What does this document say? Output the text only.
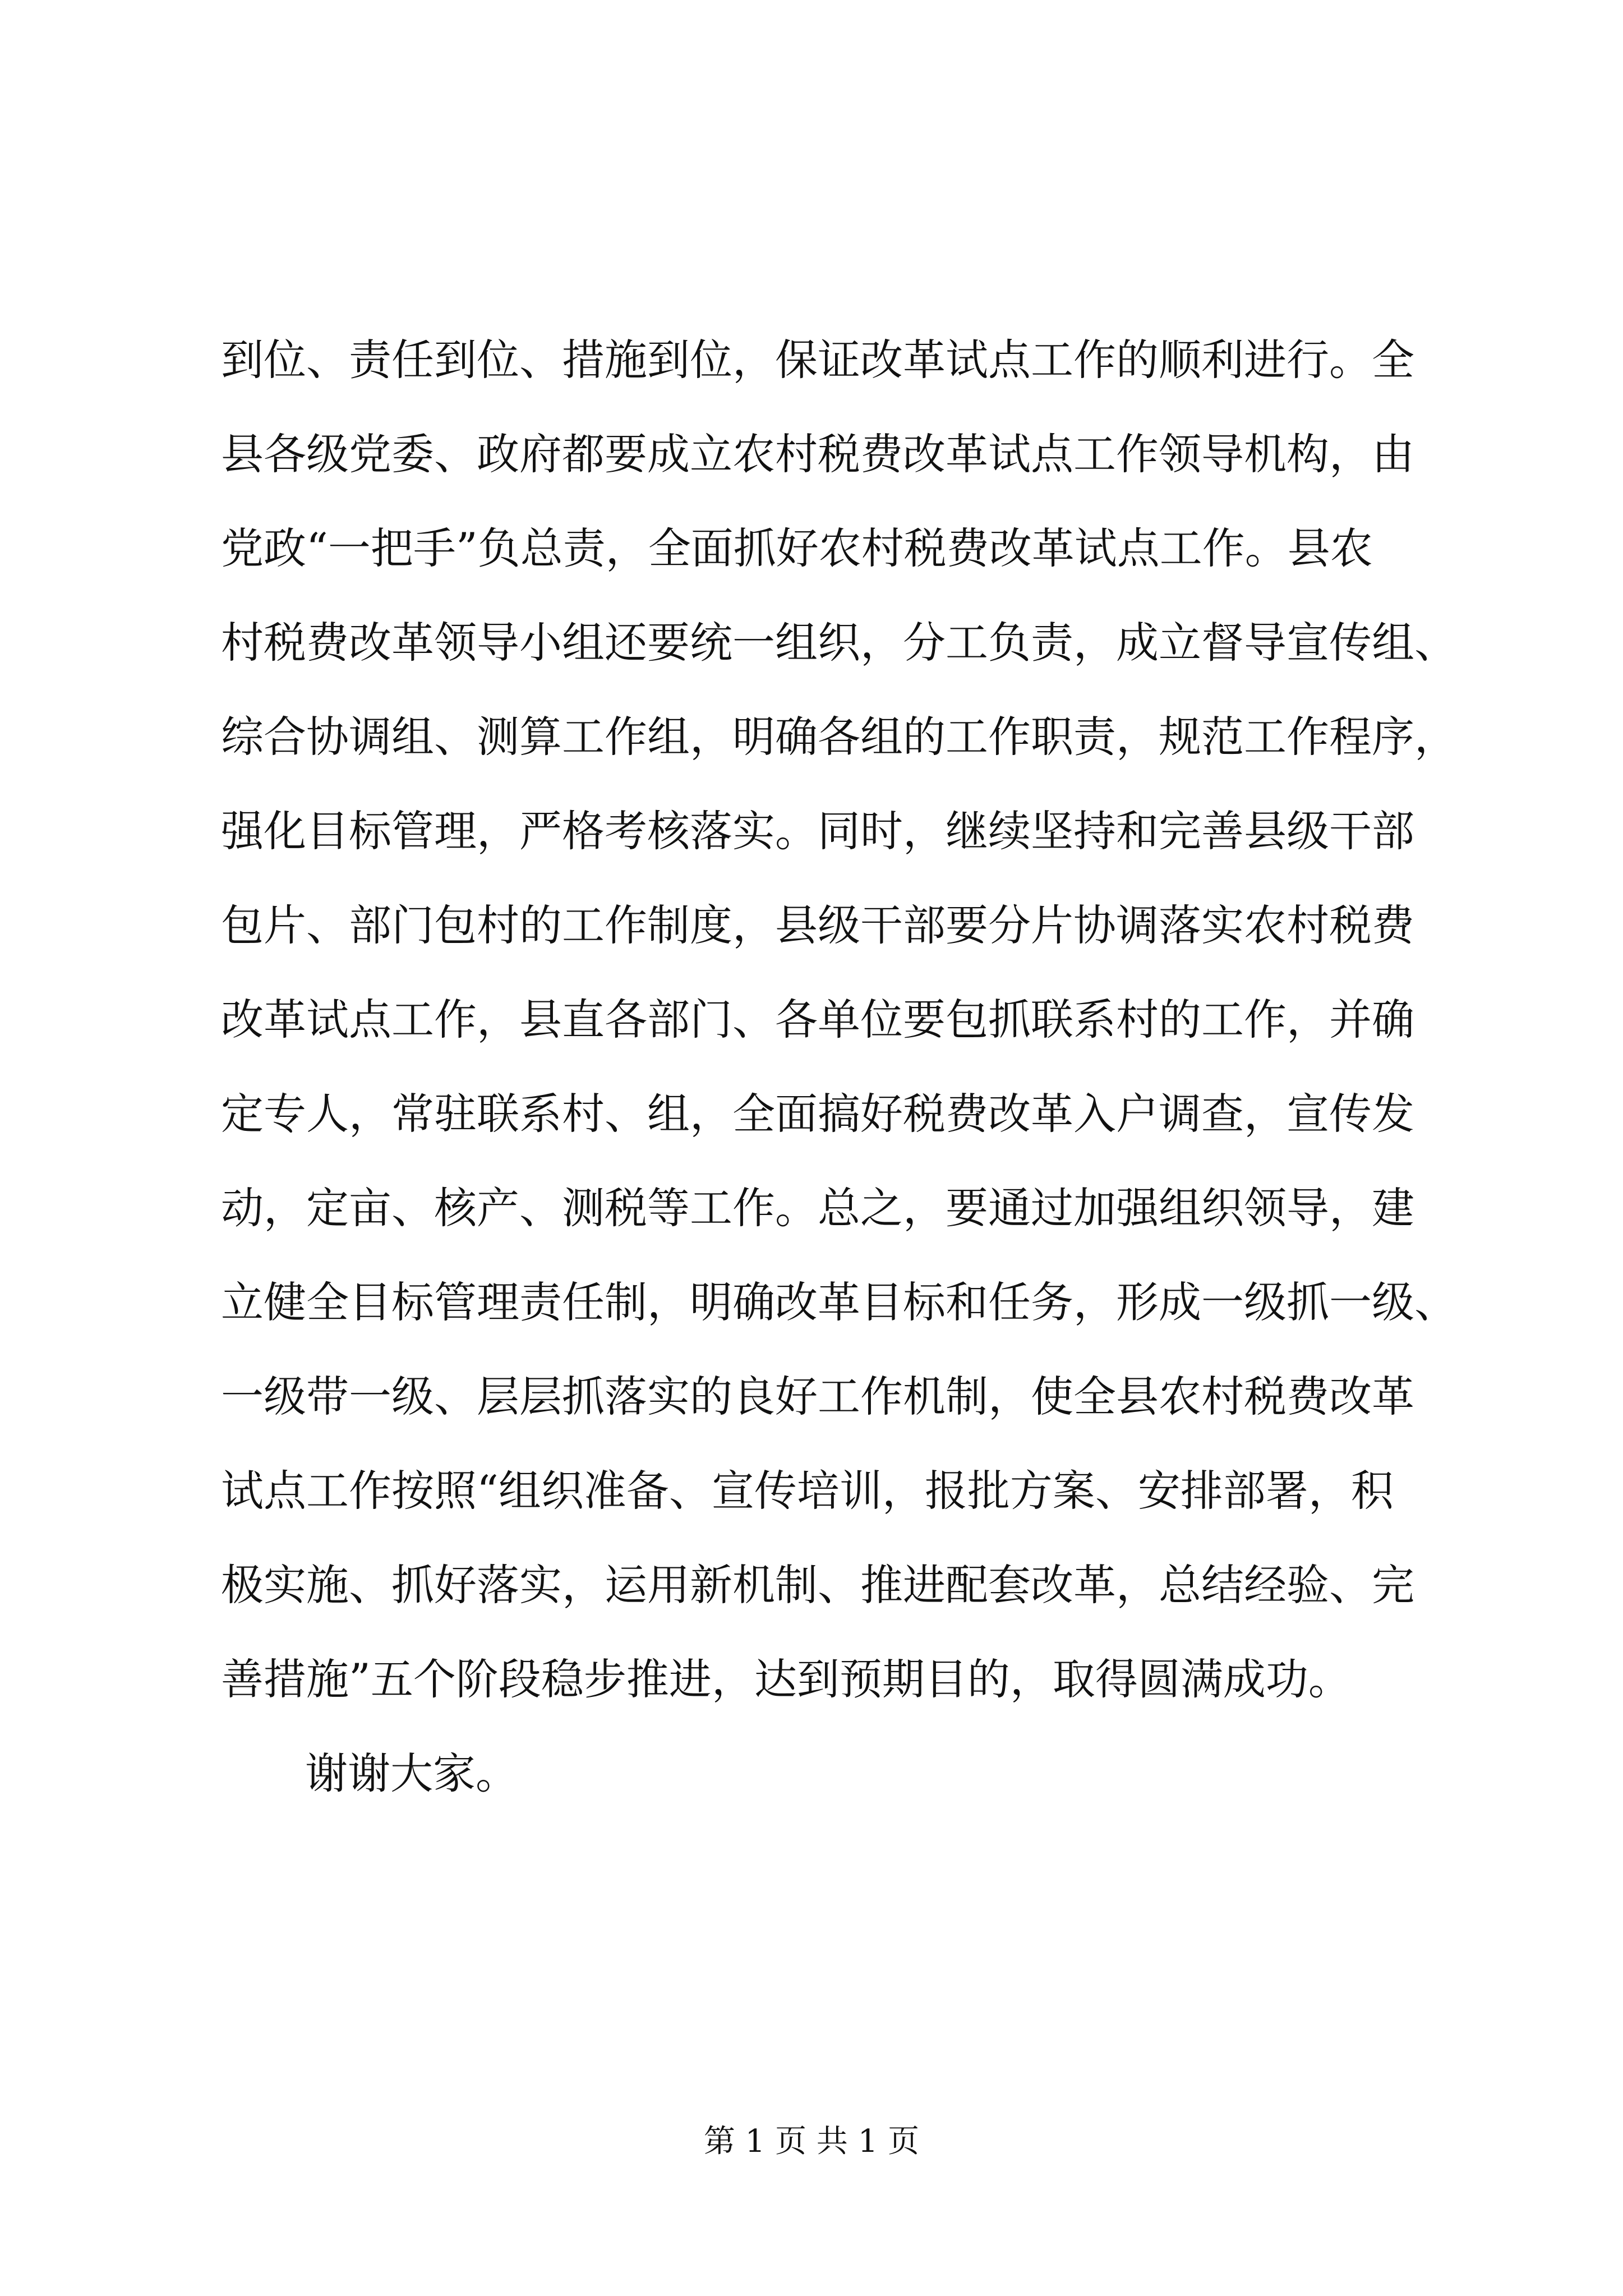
到位、责任到位、措施到位，保证改革试点工作的顺利进行。全
县各级党委、政府都要成立农村税费改革试点工作领导机构，由
党政“一把手”负总责，全面抓好农村税费改革试点工作。县农
村税费改革领导小组还要统一组织，分工负责，成立督导宣传组、
综合协调组、测算工作组，明确各组的工作职责，规范工作程序，
强化目标管理，严格考核落实。同时，继续坚持和完善县级干部
包片、部门包村的工作制度，县级干部要分片协调落实农村税费
改革试点工作，县直各部门、各单位要包抓联系村的工作，并确
定专人，常驻联系村、组，全面搞好税费改革入户调查，宣传发
动，定亩、核产、测税等工作。总之，要通过加强组织领导，建
立健全目标管理责任制，明确改革目标和任务，形成一级抓一级、
一级带一级、层层抓落实的良好工作机制，使全县农村税费改革
试点工作按照“组织准备、宣传培训，报批方案、安排部署，积
极实施、抓好落实，运用新机制、推进配套改革，总结经验、完
善措施”五个阶段稳步推进，达到预期目的，取得圆满成功。
谢谢大家。
第 1 页 共 1 页
